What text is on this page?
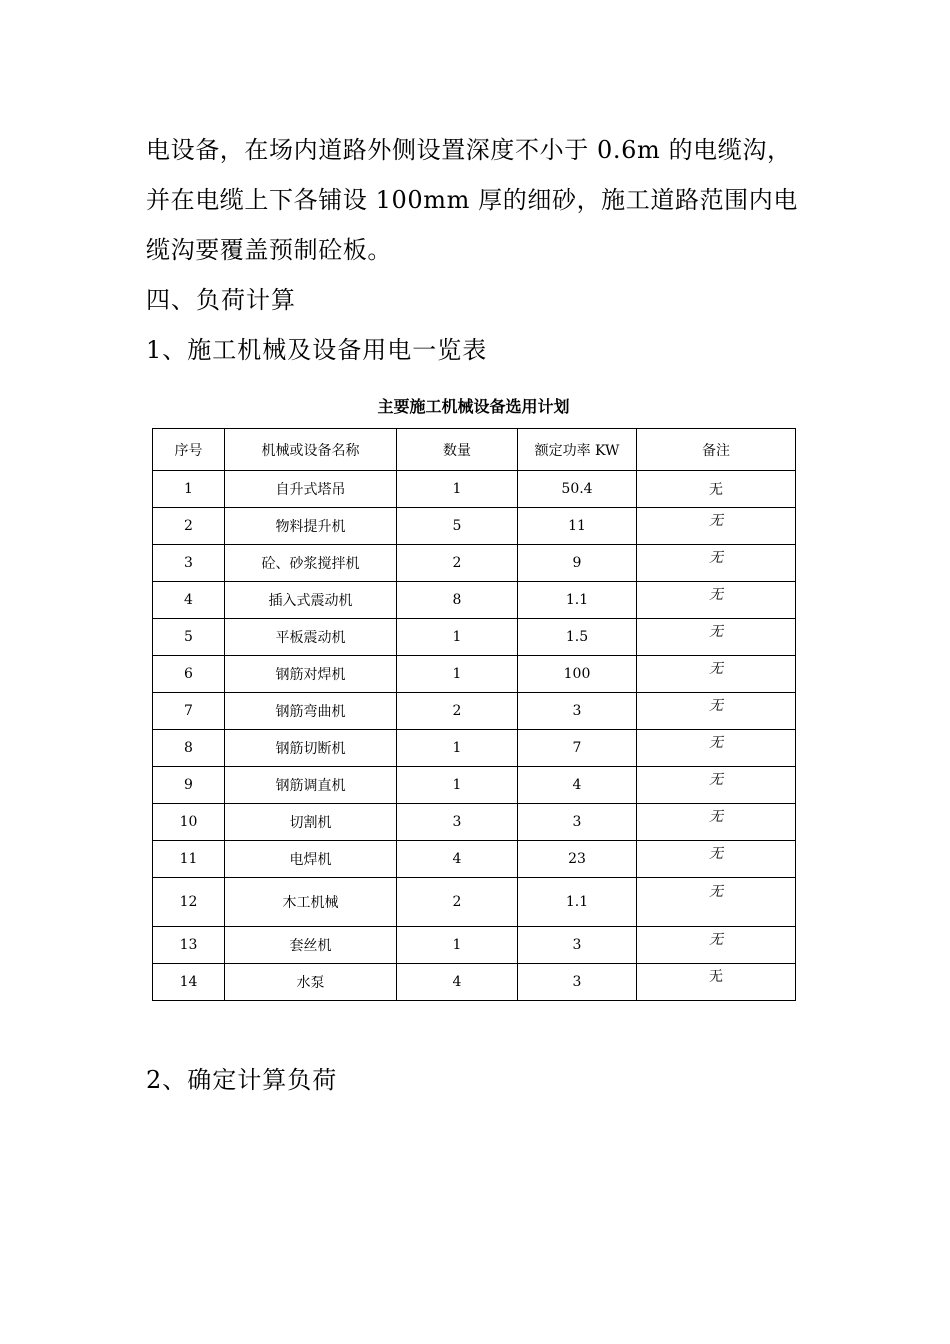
电设备，在场内道路外侧设置深度不小于 0.6m 的电缆沟，
并在电缆上下各铺设 100mm 厚的细砂，施工道路范围内电
缆沟要覆盖预制砼板。
四、负荷计算
1、施工机械及设备用电一览表
主要施工机械设备选用计划
序号	机械或设备名称	数量	额定功率 KW	备注
1	自升式塔吊	1	50.4	无
2	物料提升机	5	11	无
3	砼、砂浆搅拌机	2	9	无
4	插入式震动机	8	1.1	无
5	平板震动机	1	1.5	无
6	钢筋对焊机	1	100	无
7	钢筋弯曲机	2	3	无
8	钢筋切断机	1	7	无
9	钢筋调直机	1	4	无
10	切割机	3	3	无
11	电焊机	4	23	无
12	木工机械	2	1.1	无
13	套丝机	1	3	无
14	水泵	4	3	无
2、确定计算负荷
